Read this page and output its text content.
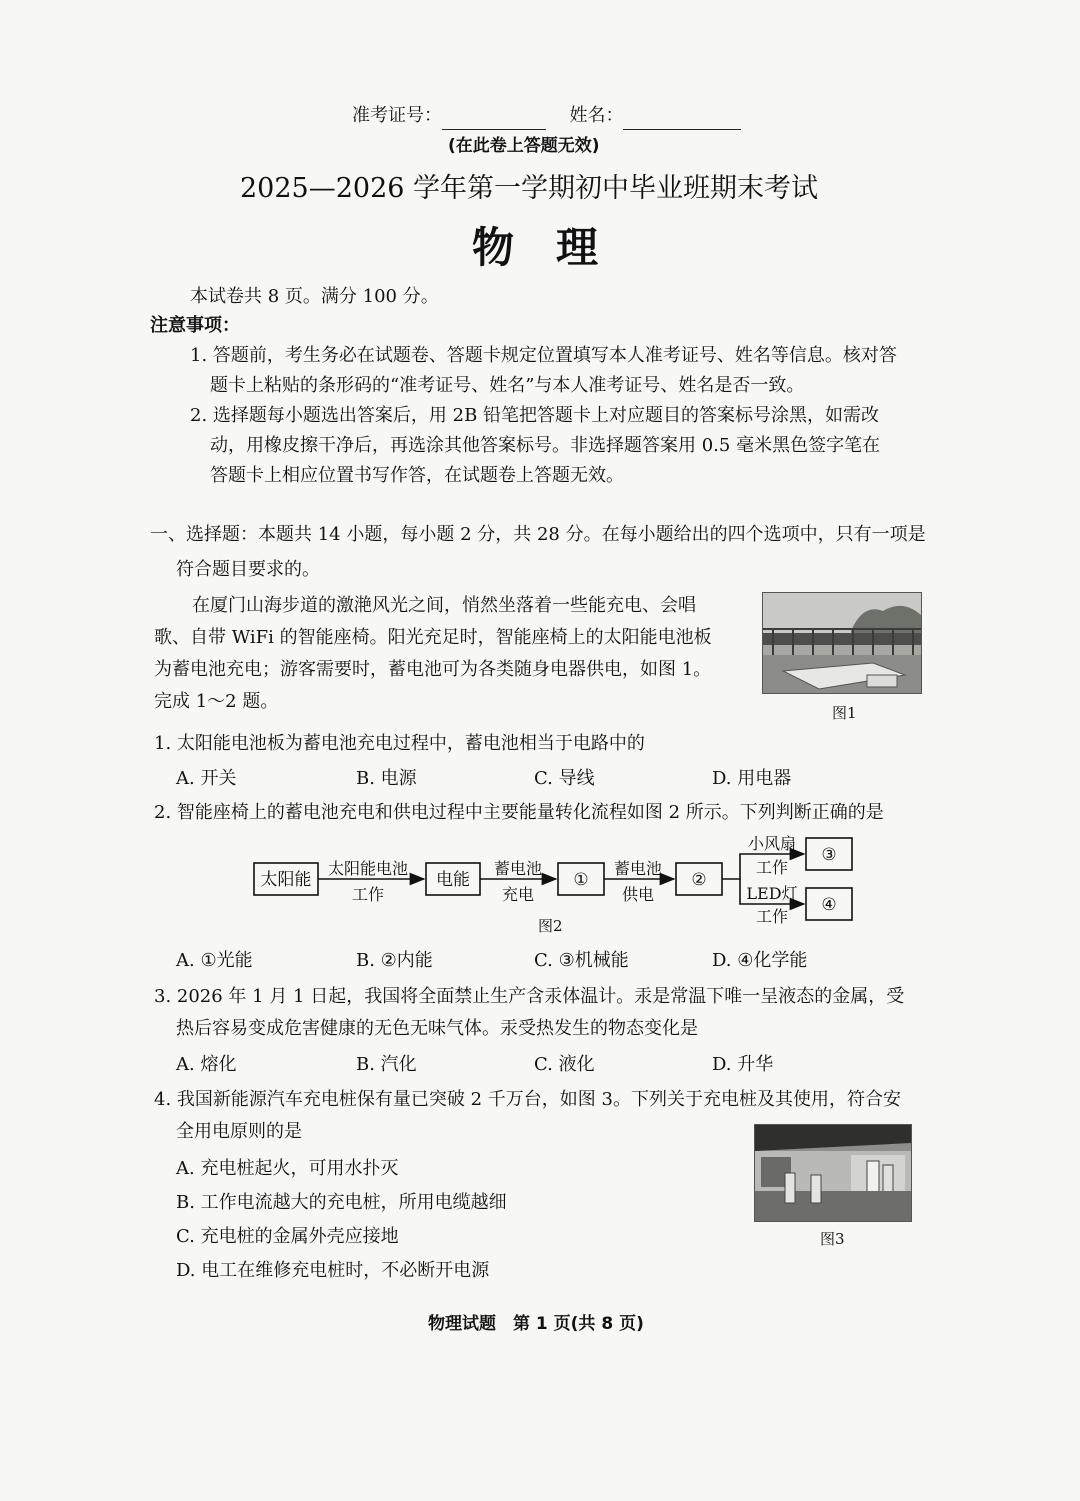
准考证号：	姓名：
(在此卷上答题无效)
2025—2026 学年第一学期初中毕业班期末考试
物　理
本试卷共 8 页。满分 100 分。
注意事项：
1. 答题前，考生务必在试题卷、答题卡规定位置填写本人准考证号、姓名等信息。核对答
题卡上粘贴的条形码的“准考证号、姓名”与本人准考证号、姓名是否一致。
2. 选择题每小题选出答案后，用 2B 铅笔把答题卡上对应题目的答案标号涂黑，如需改
动，用橡皮擦干净后，再选涂其他答案标号。非选择题答案用 0.5 毫米黑色签字笔在
答题卡上相应位置书写作答，在试题卷上答题无效。
一、选择题：本题共 14 小题，每小题 2 分，共 28 分。在每小题给出的四个选项中，只有一项是
符合题目要求的。
在厦门山海步道的激滟风光之间，悄然坐落着一些能充电、会唱
歌、自带 WiFi 的智能座椅。阳光充足时，智能座椅上的太阳能电池板
为蓄电池充电；游客需要时，蓄电池可为各类随身电器供电，如图 1。
完成 1～2 题。
图1
1. 太阳能电池板为蓄电池充电过程中，蓄电池相当于电路中的
A. 开关	B. 电源	C. 导线	D. 用电器
2. 智能座椅上的蓄电池充电和供电过程中主要能量转化流程如图 2 所示。下列判断正确的是
太阳能	电能	①	②
③
④
太阳能电池
工作
蓄电池
充电
蓄电池
供电
小风扇
工作
LED灯
工作
图2
A. ①光能	B. ②内能	C. ③机械能	D. ④化学能
3. 2026 年 1 月 1 日起，我国将全面禁止生产含汞体温计。汞是常温下唯一呈液态的金属，受
热后容易变成危害健康的无色无味气体。汞受热发生的物态变化是
A. 熔化	B. 汽化	C. 液化	D. 升华
4. 我国新能源汽车充电桩保有量已突破 2 千万台，如图 3。下列关于充电桩及其使用，符合安
全用电原则的是
A. 充电桩起火，可用水扑灭
B. 工作电流越大的充电桩，所用电缆越细
C. 充电桩的金属外壳应接地
D. 电工在维修充电桩时，不必断开电源
图3
物理试题　第 1 页(共 8 页)
